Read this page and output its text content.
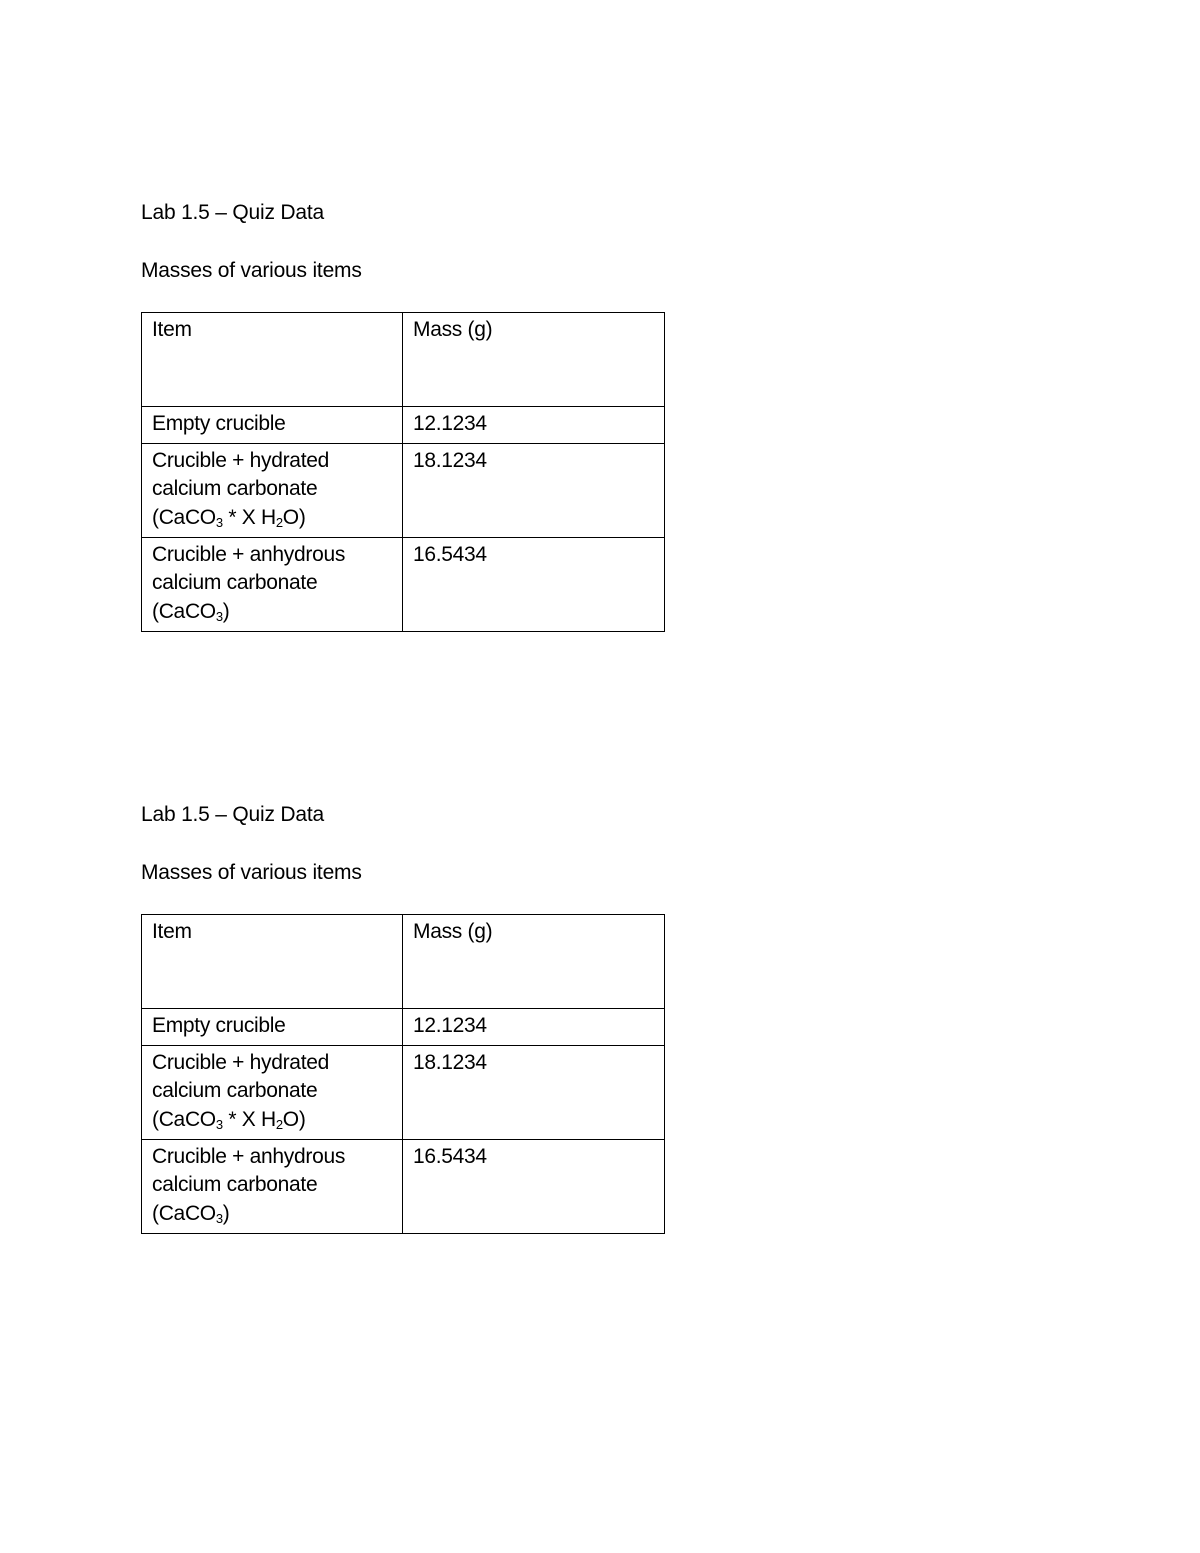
Lab 1.5 – Quiz Data

Masses of various items

Item	Mass (g)
Empty crucible	12.1234

Crucible + hydrated
calcium carbonate
(CaCO$_3$ * X $H_2O$)	18.1234

Crucible + anhydrous
calcium carbonate
(CaCO$_3$)	16.5434

Lab 1.5 – Quiz Data

Masses of various items

Item	Mass (g)
Empty crucible	12.1234

Crucible + hydrated
calcium carbonate
(CaCO$_3$ * X $H_2O$)	18.1234

Crucible + anhydrous
calcium carbonate
(CaCO$_3$)	16.5434
